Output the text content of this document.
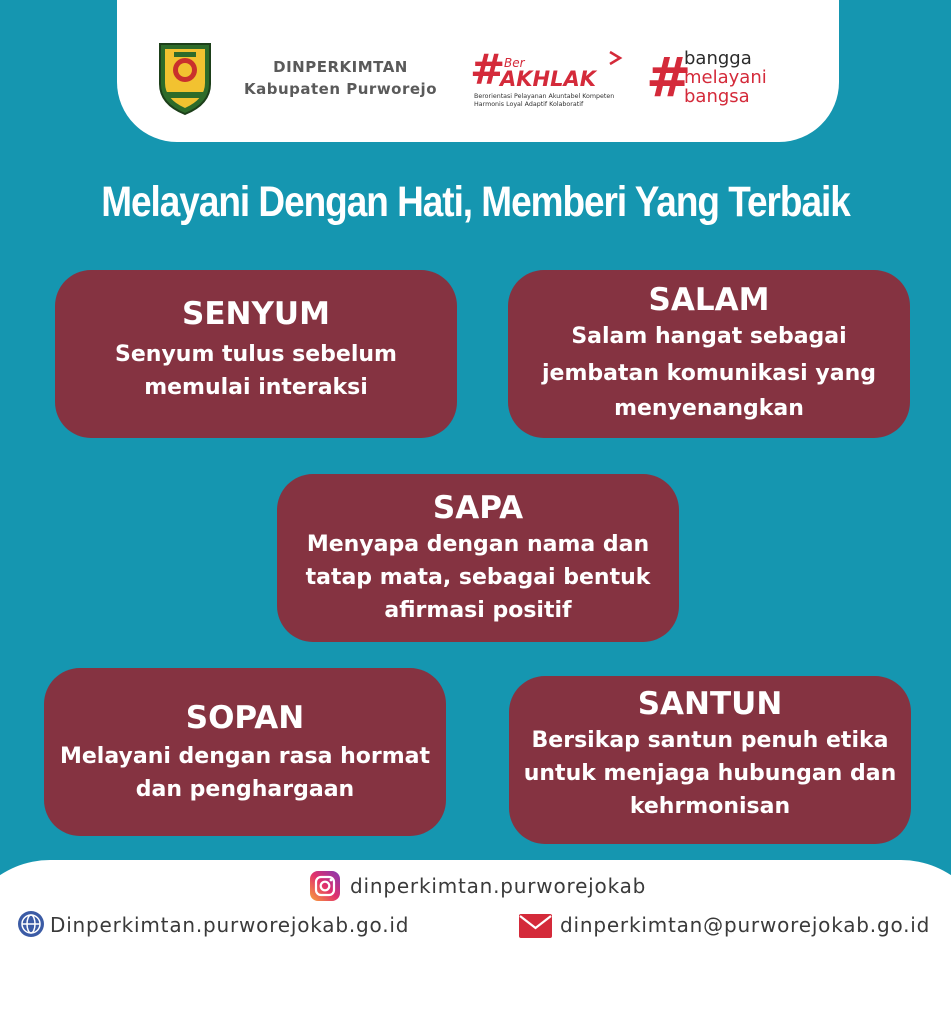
DINPERKIMTAN
Kabupaten Purworejo #
Ber
AKHLAK
Berorientasi Pelayanan Akuntabel Kompeten
Harmonis Loyal Adaptif Kolaboratif #
bangga
melayani
bangsa
Melayani Dengan Hati, Memberi Yang Terbaik
SENYUM
Senyum tulus sebelum
memulai interaksi
SALAM
Salam hangat sebagai
jembatan komunikasi yang
menyenangkan
SAPA
Menyapa dengan nama dan
tatap mata, sebagai bentuk
afirmasi positif
SOPAN
Melayani dengan rasa hormat
dan penghargaan
SANTUN
Bersikap santun penuh etika
untuk menjaga hubungan dan
kehrmonisan
dinperkimtan.purworejokab
Dinperkimtan.purworejokab.go.id	dinperkimtan@purworejokab.go.id
